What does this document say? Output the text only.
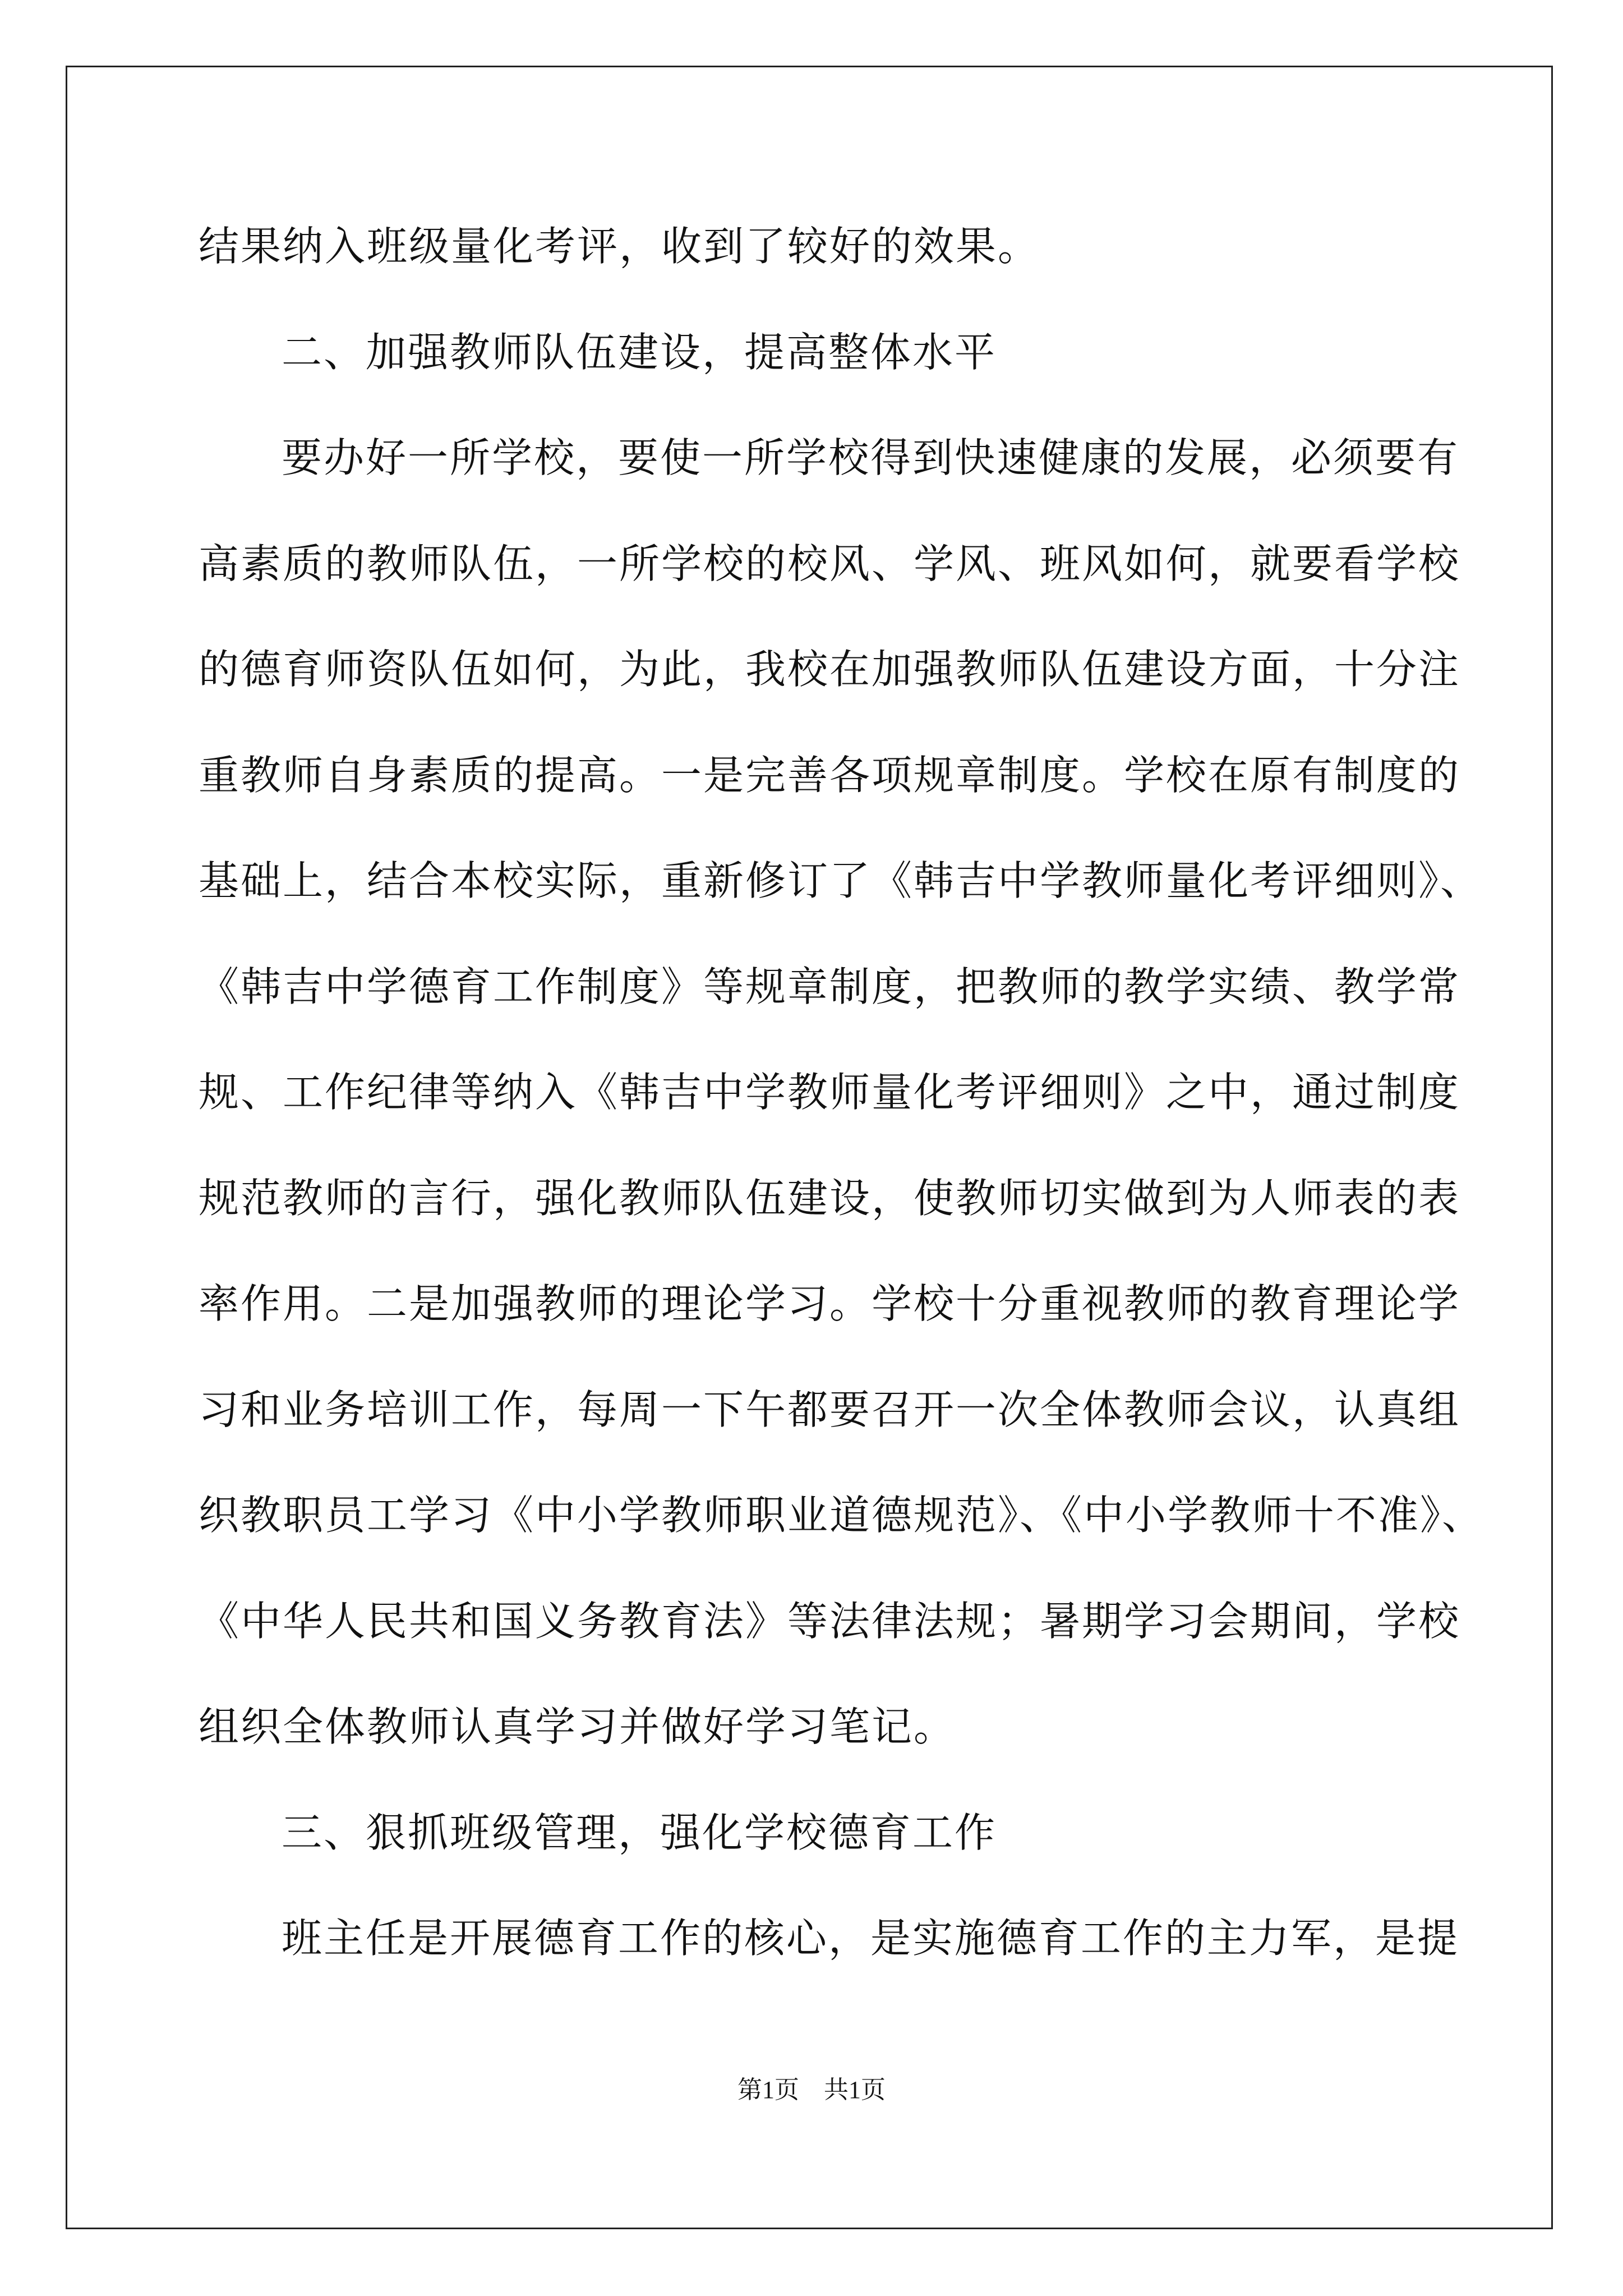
结果纳入班级量化考评，收到了较好的效果。
二、加强教师队伍建设，提高整体水平
要办好一所学校，要使一所学校得到快速健康的发展，必须要有
高素质的教师队伍，一所学校的校风、学风、班风如何，就要看学校
的德育师资队伍如何，为此，我校在加强教师队伍建设方面，十分注
重教师自身素质的提高。一是完善各项规章制度。学校在原有制度的
基础上，结合本校实际，重新修订了《韩吉中学教师量化考评细则》、
《韩吉中学德育工作制度》等规章制度，把教师的教学实绩、教学常
规、工作纪律等纳入《韩吉中学教师量化考评细则》之中，通过制度
规范教师的言行，强化教师队伍建设，使教师切实做到为人师表的表
率作用。二是加强教师的理论学习。学校十分重视教师的教育理论学
习和业务培训工作，每周一下午都要召开一次全体教师会议，认真组
织教职员工学习《中小学教师职业道德规范》、《中小学教师十不准》、
《中华人民共和国义务教育法》等法律法规；暑期学习会期间，学校
组织全体教师认真学习并做好学习笔记。
三、狠抓班级管理，强化学校德育工作
班主任是开展德育工作的核心，是实施德育工作的主力军，是提
第1页　共1页
